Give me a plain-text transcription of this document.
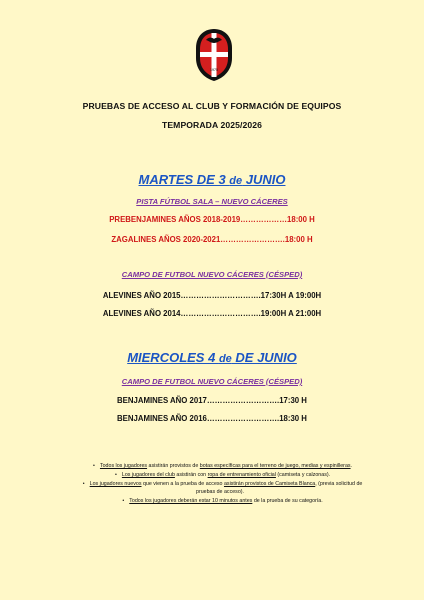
1975
PRUEBAS DE ACCESO AL CLUB Y FORMACIÓN DE EQUIPOS
TEMPORADA 2025/2026
MARTES DE 3 de JUNIO
PISTA FÚTBOL SALA – NUEVO CÁCERES
PREBENJAMINES AÑOS 2018-2019………………18:00 H
ZAGALINES AÑOS 2020-2021…………………….18:00 H
CAMPO DE FUTBOL NUEVO CÁCERES (CÉSPED)
ALEVINES AÑO 2015………………………….17:30H A 19:00H
ALEVINES AÑO 2014………………………….19:00H A 21:00H
MIERCOLES 4 de DE JUNIO
CAMPO DE FUTBOL NUEVO CÁCERES (CÉSPED)
BENJAMINES AÑO 2017……………………….17:30 H
BENJAMINES AÑO 2016……………………….18:30 H
• Todos los jugadores asistirán provistos de botas específicas para el terreno de juego, medias y espinilleras.
• Los jugadores del club asistirán con ropa de entrenamiento oficial (camiseta y calzonas).
• Los jugadores nuevos que vienen a la prueba de acceso asistirán provistos de Camiseta Blanca, (previa solicitud de pruebas de acceso).
• Todos los jugadores deberán estar 10 minutos antes de la prueba de su categoría.
